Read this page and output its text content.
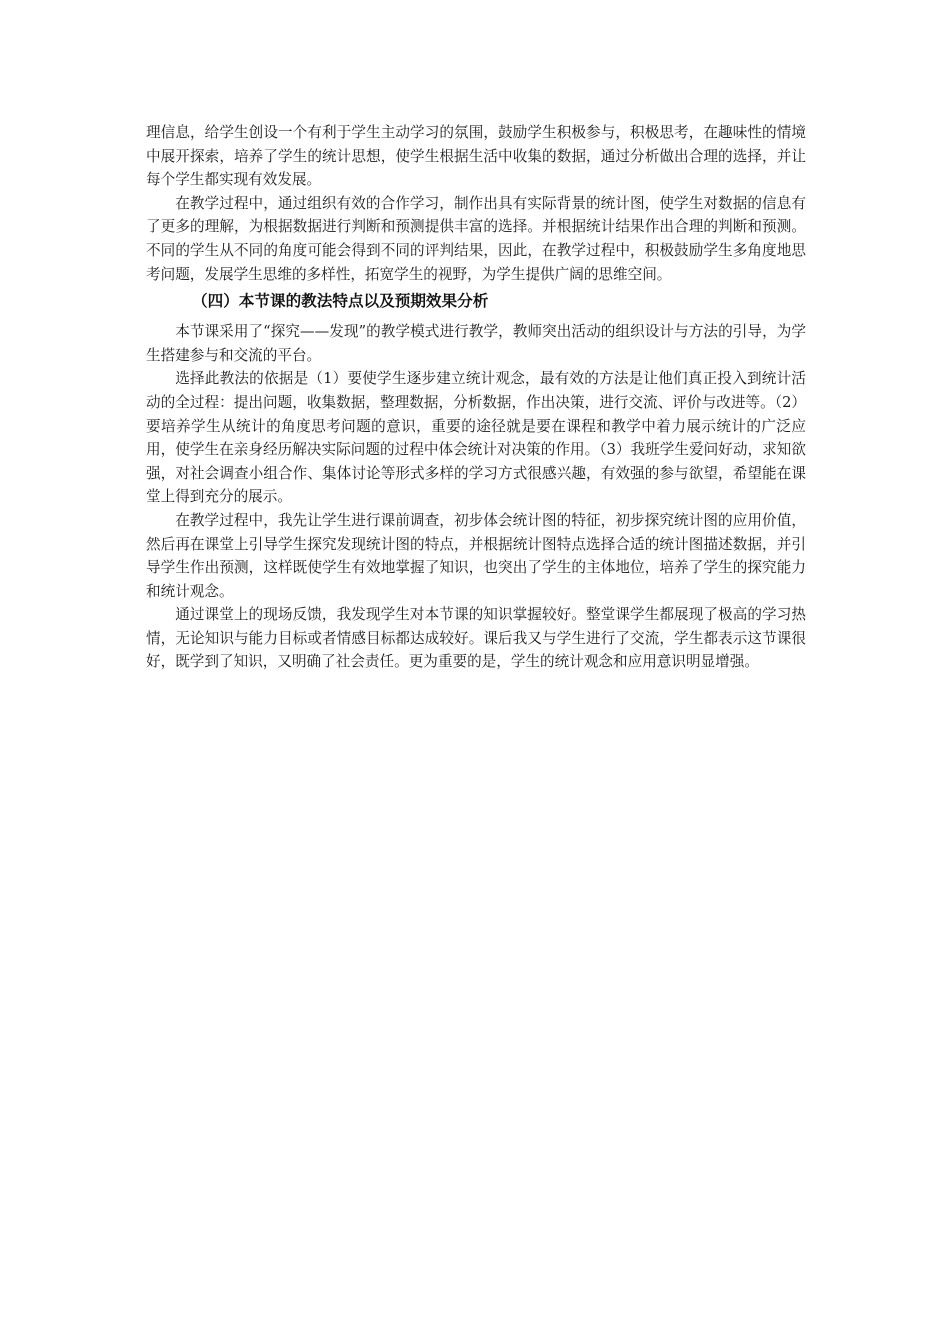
理信息，给学生创设一个有利于学生主动学习的氛围，鼓励学生积极参与，积极思考，在趣味性的情境中展开探索，培养了学生的统计思想，使学生根据生活中收集的数据，通过分析做出合理的选择，并让每个学生都实现有效发展。

在教学过程中，通过组织有效的合作学习，制作出具有实际背景的统计图，使学生对数据的信息有了更多的理解，为根据数据进行判断和预测提供丰富的选择。并根据统计结果作出合理的判断和预测。不同的学生从不同的角度可能会得到不同的评判结果，因此，在教学过程中，积极鼓励学生多角度地思考问题，发展学生思维的多样性，拓宽学生的视野，为学生提供广阔的思维空间。

（四）本节课的教法特点以及预期效果分析

本节课采用了“探究——发现”的教学模式进行教学，教师突出活动的组织设计与方法的引导，为学生搭建参与和交流的平台。

选择此教法的依据是（1）要使学生逐步建立统计观念，最有效的方法是让他们真正投入到统计活动的全过程：提出问题，收集数据，整理数据，分析数据，作出决策，进行交流、评价与改进等。（2）要培养学生从统计的角度思考问题的意识，重要的途径就是要在课程和教学中着力展示统计的广泛应用，使学生在亲身经历解决实际问题的过程中体会统计对决策的作用。（3）我班学生爱问好动，求知欲强，对社会调查小组合作、集体讨论等形式多样的学习方式很感兴趣，有效强的参与欲望，希望能在课堂上得到充分的展示。

在教学过程中，我先让学生进行课前调查，初步体会统计图的特征，初步探究统计图的应用价值，然后再在课堂上引导学生探究发现统计图的特点，并根据统计图特点选择合适的统计图描述数据，并引导学生作出预测，这样既使学生有效地掌握了知识，也突出了学生的主体地位，培养了学生的探究能力和统计观念。

通过课堂上的现场反馈，我发现学生对本节课的知识掌握较好。整堂课学生都展现了极高的学习热情，无论知识与能力目标或者情感目标都达成较好。课后我又与学生进行了交流，学生都表示这节课很好，既学到了知识，又明确了社会责任。更为重要的是，学生的统计观念和应用意识明显增强。
